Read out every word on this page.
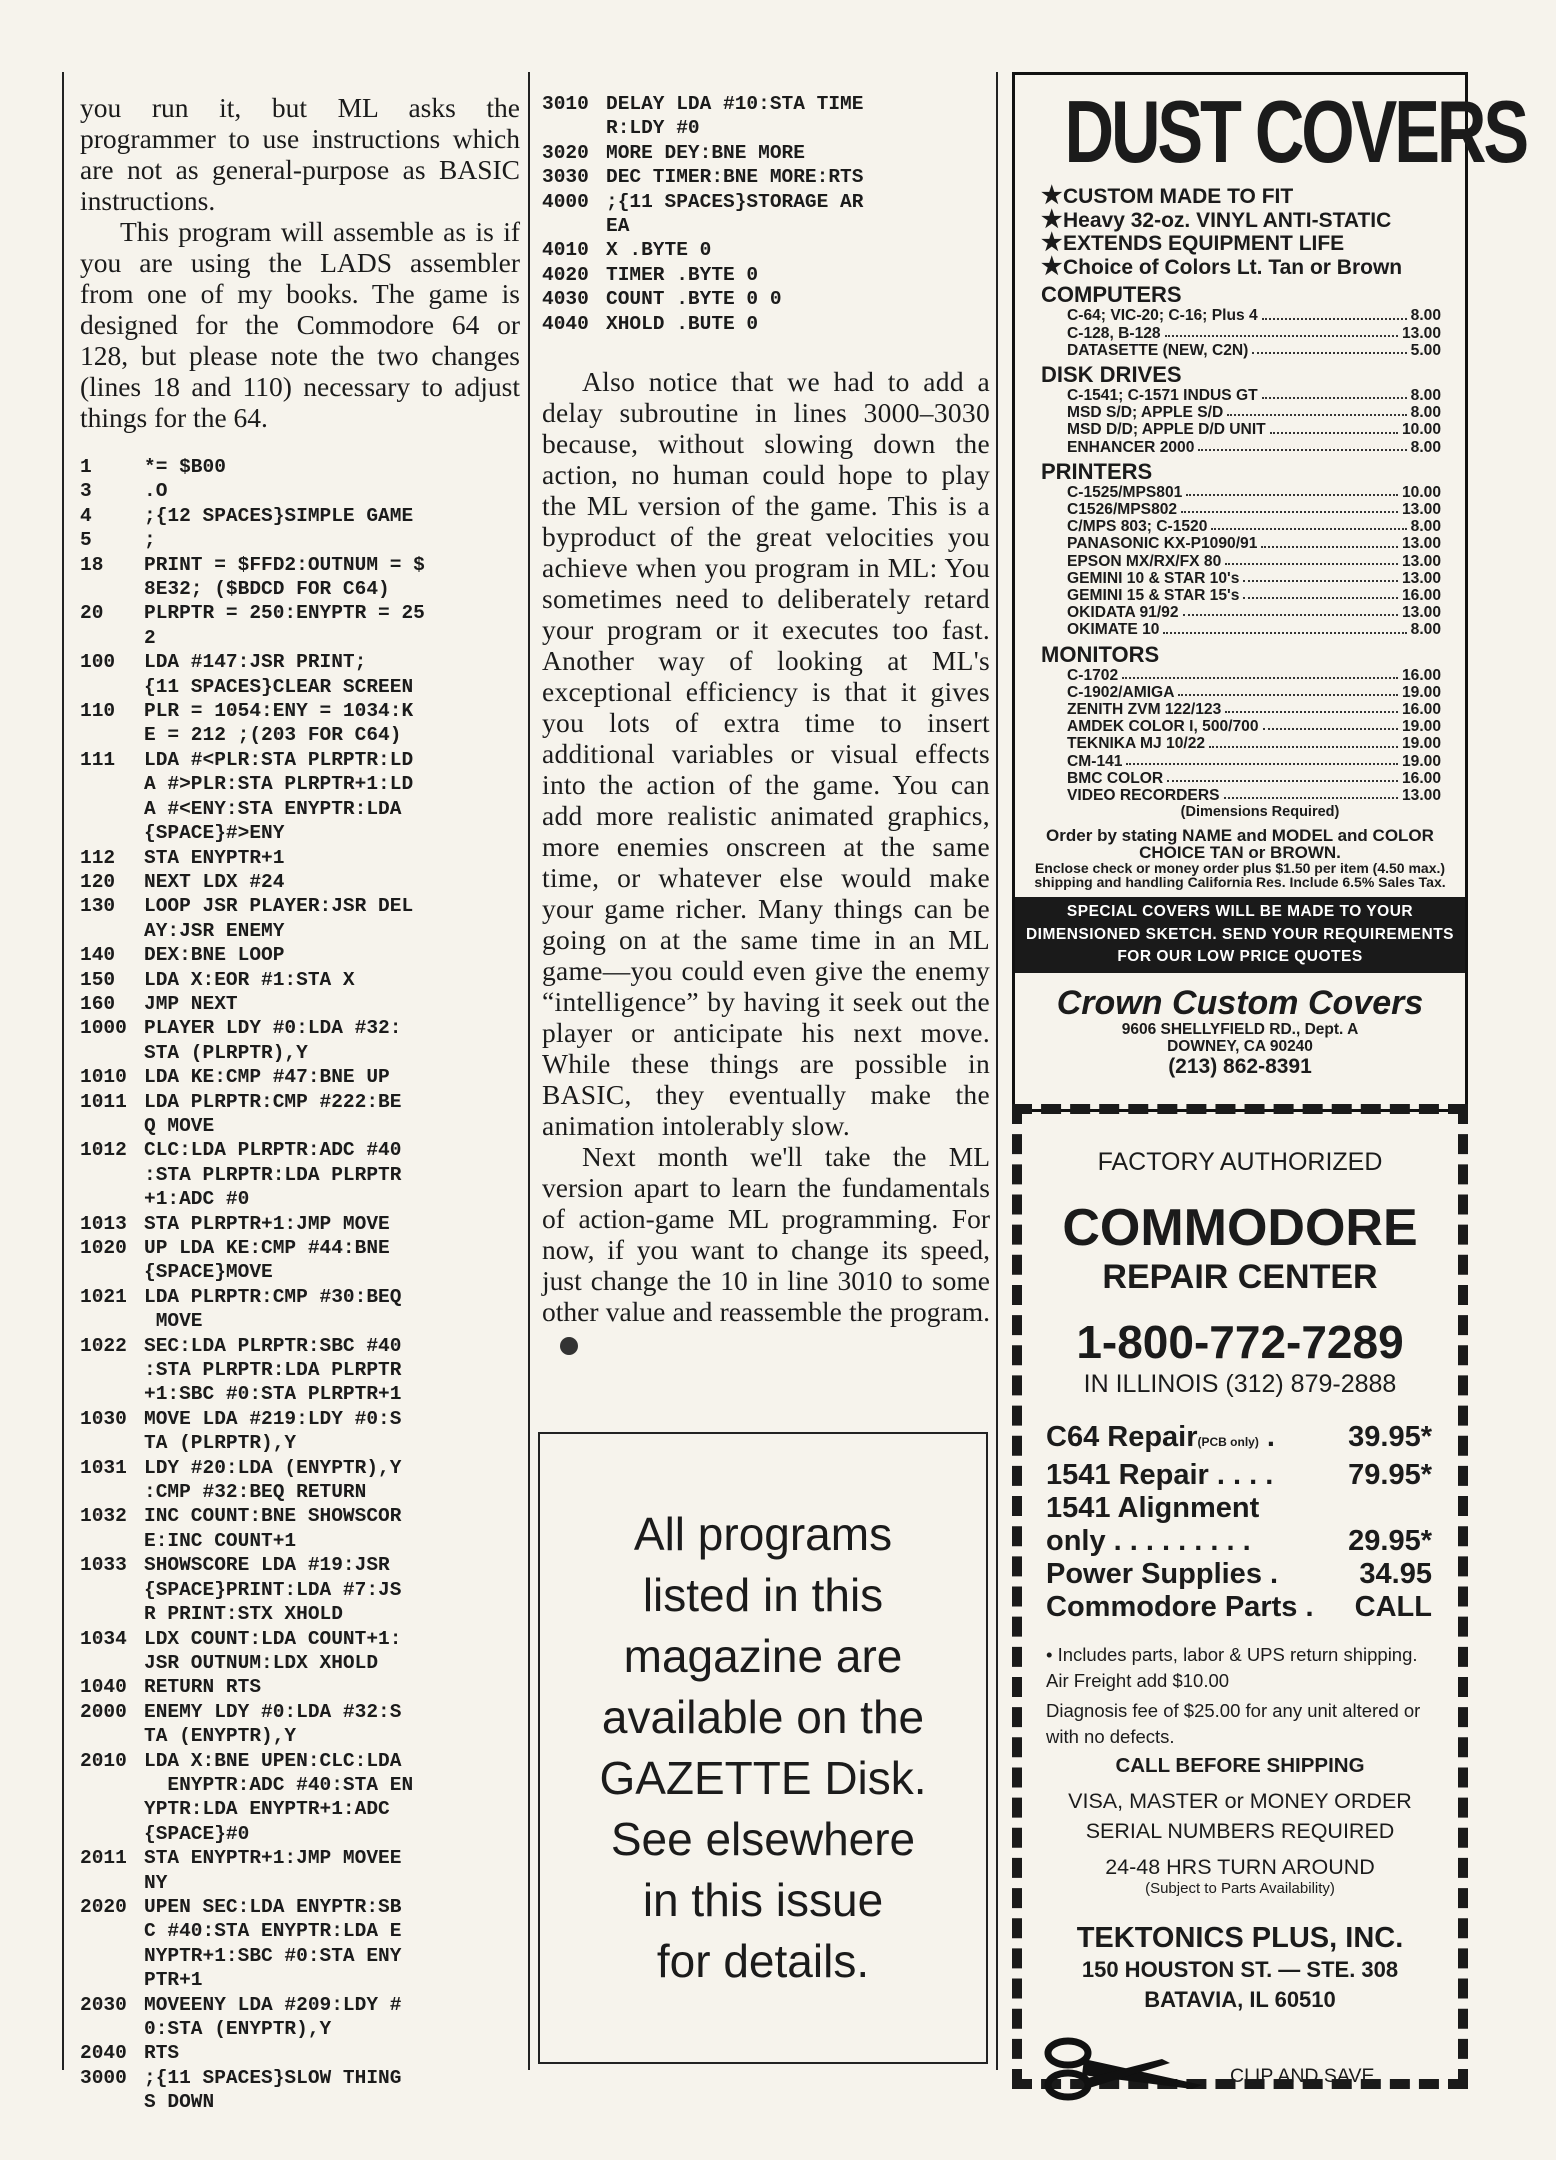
you run it, but ML asks the programmer to use instructions which are not as general-purpose as BASIC instructions.

This program will assemble as is if you are using the LADS assembler from one of my books. The game is designed for the Commodore 64 or 128, but please note the two changes (lines 18 and 110) necessary to adjust things for the 64.

1	*= $B00
3	.O
4	;{12 SPACES}SIMPLE GAME
5	;
18	PRINT = $FFD2:OUTNUM = $
8E32; ($BDCD FOR C64)
20	PLRPTR = 250:ENYPTR = 25
2
100	LDA #147:JSR PRINT;
{11 SPACES}CLEAR SCREEN
110	PLR = 1054:ENY = 1034:K
E = 212 ;(203 FOR C64)
111	LDA #<PLR:STA PLRPTR:LD
A #>PLR:STA PLRPTR+1:LD
A #<ENY:STA ENYPTR:LDA
{SPACE}#>ENY
112	STA ENYPTR+1
120	NEXT LDX #24
130	LOOP JSR PLAYER:JSR DEL
AY:JSR ENEMY
140	DEX:BNE LOOP
150	LDA X:EOR #1:STA X
160	JMP NEXT
1000 PLAYER LDY #0:LDA #32:
STA (PLRPTR),Y
1010 LDA KE:CMP #47:BNE UP
1011 LDA PLRPTR:CMP #222:BE
Q MOVE
1012 CLC:LDA PLRPTR:ADC #40
:STA PLRPTR:LDA PLRPTR
+1:ADC #0
1013 STA PLRPTR+1:JMP MOVE
1020 UP LDA KE:CMP #44:BNE
{SPACE}MOVE
1021 LDA PLRPTR:CMP #30:BEQ
MOVE
1022 SEC:LDA PLRPTR:SBC #40
:STA PLRPTR:LDA PLRPTR
+1:SBC #0:STA PLRPTR+1
1030 MOVE LDA #219:LDY #0:S
TA (PLRPTR),Y
1031 LDY #20:LDA (ENYPTR),Y
:CMP #32:BEQ RETURN
1032 INC COUNT:BNE SHOWSCOR
E:INC COUNT+1
1033 SHOWSCORE LDA #19:JSR
{SPACE}PRINT:LDA #7:JS
R PRINT:STX XHOLD
1034 LDX COUNT:LDA COUNT+1:
JSR OUTNUM:LDX XHOLD
1040 RETURN RTS
2000 ENEMY LDY #0:LDA #32:S
TA (ENYPTR),Y
2010 LDA X:BNE UPEN:CLC:LDA
ENYPTR:ADC #40:STA EN
YPTR:LDA ENYPTR+1:ADC
{SPACE}#0
2011 STA ENYPTR+1:JMP MOVEE
NY
2020 UPEN SEC:LDA ENYPTR:SB
C #40:STA ENYPTR:LDA E
NYPTR+1:SBC #0:STA ENY
PTR+1
2030 MOVEENY LDA #209:LDY #
0:STA (ENYPTR),Y
2040 RTS
3000 ;{11 SPACES}SLOW THING
S DOWN
3010 DELAY LDA #10:STA TIME
R:LDY #0
3020 MORE DEY:BNE MORE
3030 DEC TIMER:BNE MORE:RTS
4000 ;{11 SPACES}STORAGE AR
EA
4010 X .BYTE 0
4020 TIMER .BYTE 0
4030 COUNT .BYTE 0 0
4040 XHOLD .BUTE 0

Also notice that we had to add a delay subroutine in lines 3000–3030 because, without slowing down the action, no human could hope to play the ML version of the game. This is a byproduct of the great velocities you achieve when you program in ML: You sometimes need to deliberately retard your program or it executes too fast. Another way of looking at ML's exceptional efficiency is that it gives you lots of extra time to insert additional variables or visual effects into the action of the game. You can add more realistic animated graphics, more enemies onscreen at the same time, or whatever else would make your game richer. Many things can be going on at the same time in an ML game—you could even give the enemy “intelligence” by having it seek out the player or anticipate his next move. While these things are possible in BASIC, they eventually make the animation intolerably slow.

Next month we'll take the ML version apart to learn the fundamentals of action-game ML programming. For now, if you want to change its speed, just change the 10 in line 3010 to some other value and reassemble the program.

All programs
listed in this
magazine are
available on the
GAZETTE Disk.
See elsewhere
in this issue
for details.
DUST COVERS
★CUSTOM MADE TO FIT
★Heavy 32-oz. VINYL ANTI-STATIC
★EXTENDS EQUIPMENT LIFE
★Choice of Colors Lt. Tan or Brown
COMPUTERS
C-64; VIC-20; C-16; Plus 4	8.00
C-128, B-128	13.00
DATASETTE (NEW, C2N)	5.00
DISK DRIVES
C-1541; C-1571 INDUS GT	8.00
MSD S/D; APPLE S/D	8.00
MSD D/D; APPLE D/D UNIT	10.00
ENHANCER 2000	8.00
PRINTERS
C-1525/MPS801	10.00
C1526/MPS802	13.00
C/MPS 803; C-1520	8.00
PANASONIC KX-P1090/91	13.00
EPSON MX/RX/FX 80	13.00
GEMINI 10 & STAR 10's	13.00
GEMINI 15 & STAR 15's	16.00
OKIDATA 91/92	13.00
OKIMATE 10	8.00
MONITORS
C-1702	16.00
C-1902/AMIGA	19.00
ZENITH ZVM 122/123	16.00
AMDEK COLOR I, 500/700	19.00
TEKNIKA MJ 10/22	19.00
CM-141	19.00
BMC COLOR	16.00
VIDEO RECORDERS	13.00
(Dimensions Required)
Order by stating NAME and MODEL and COLOR CHOICE TAN or BROWN.
Enclose check or money order plus $1.50 per item (4.50 max.) shipping and handling California Res. Include 6.5% Sales Tax.
SPECIAL COVERS WILL BE MADE TO YOUR DIMENSIONED SKETCH. SEND YOUR REQUIREMENTS FOR OUR LOW PRICE QUOTES
Crown Custom Covers
9606 SHELLYFIELD RD., Dept. A
DOWNEY, CA 90240
(213) 862-8391
FACTORY AUTHORIZED
COMMODORE
REPAIR CENTER
1-800-772-7289
IN ILLINOIS (312) 879-2888
C64 Repair(PCB only) .	39.95*
1541 Repair . . . .	79.95*
1541 Alignment
only . . . . . . . . .	29.95*
Power Supplies .	34.95
Commodore Parts . CALL
• Includes parts, labor & UPS return shipping. Air Freight add $10.00
Diagnosis fee of $25.00 for any unit altered or with no defects.
CALL BEFORE SHIPPING
VISA, MASTER or MONEY ORDER
SERIAL NUMBERS REQUIRED
24-48 HRS TURN AROUND
(Subject to Parts Availability)
TEKTONICS PLUS, INC.
150 HOUSTON ST. — STE. 308
BATAVIA, IL 60510
CLIP AND SAVE
